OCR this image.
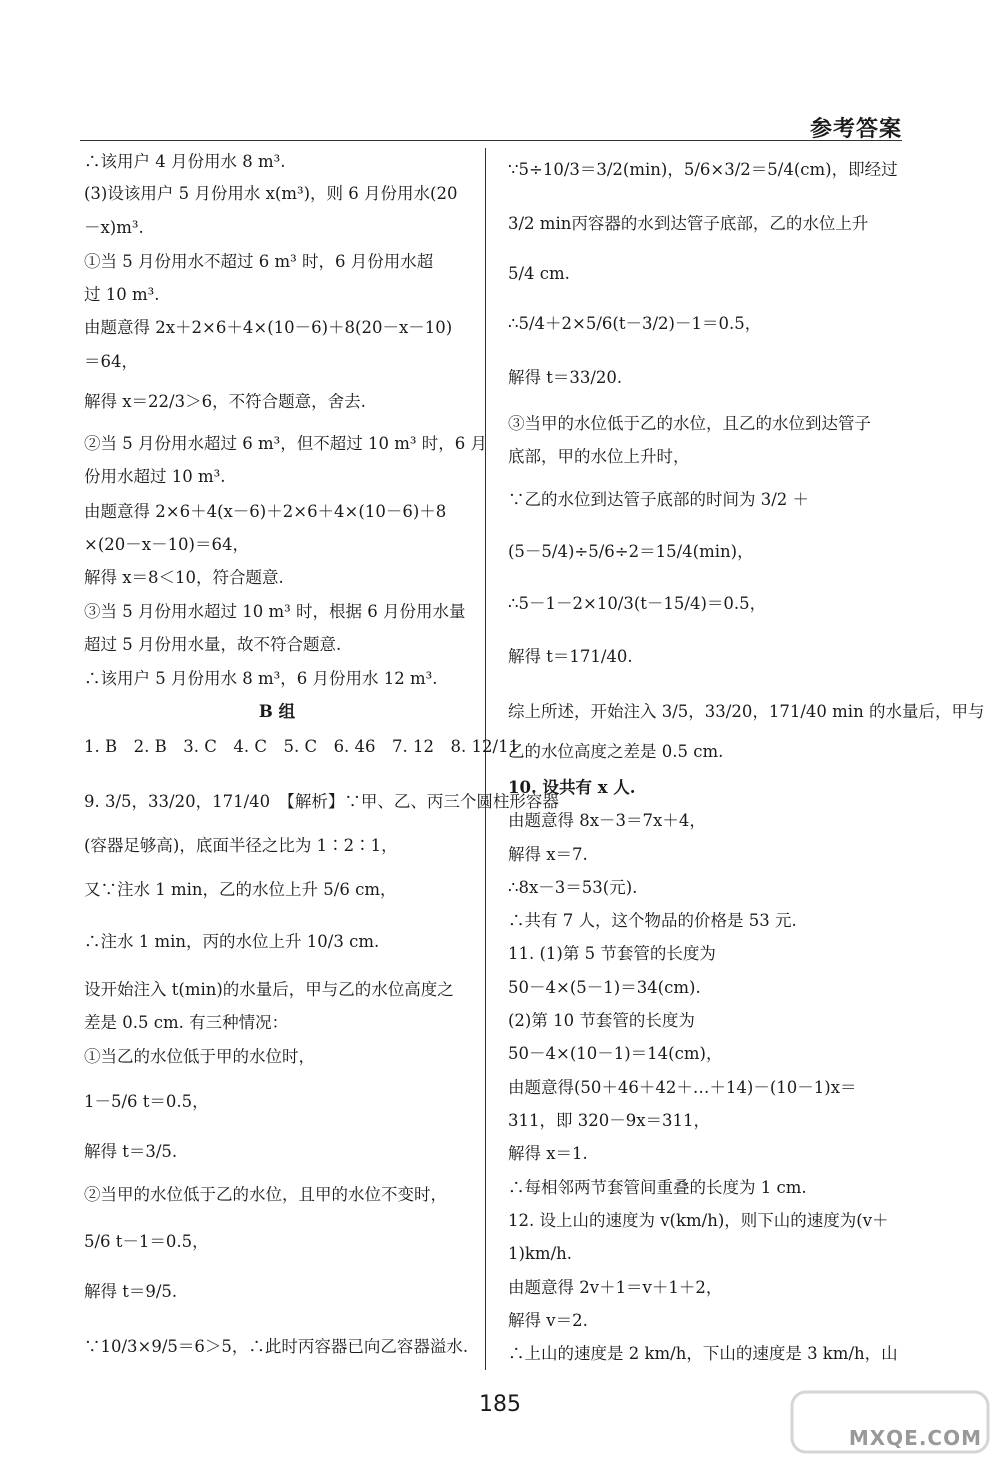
参考答案
∴该用户 4 月份用水 8 m³.
(3)设该用户 5 月份用水 x(m³)，则 6 月份用水(20
－x)m³.
①当 5 月份用水不超过 6 m³ 时，6 月份用水超
过 10 m³.
由题意得 2x＋2×6＋4×(10－6)＋8(20－x－10)
＝64，
解得 x＝22/3＞6，不符合题意，舍去.
②当 5 月份用水超过 6 m³，但不超过 10 m³ 时，6 月
份用水超过 10 m³.
由题意得 2×6＋4(x－6)＋2×6＋4×(10－6)＋8
×(20－x－10)＝64，
解得 x＝8＜10，符合题意.
③当 5 月份用水超过 10 m³ 时，根据 6 月份用水量
超过 5 月份用水量，故不符合题意.
∴该用户 5 月份用水 8 m³，6 月份用水 12 m³.
B 组
1. B　2. B　3. C　4. C　5. C　6. 46　7. 12　8. 12/11
9. 3/5，33/20，171/40　【解析】∵甲、乙、丙三个圆柱形容器
(容器足够高)，底面半径之比为 1∶2∶1，
又∵注水 1 min，乙的水位上升 5/6 cm，
∴注水 1 min，丙的水位上升 10/3 cm.
设开始注入 t(min)的水量后，甲与乙的水位高度之
差是 0.5 cm. 有三种情况：
①当乙的水位低于甲的水位时，
1－5/6 t＝0.5，
解得 t＝3/5.
②当甲的水位低于乙的水位，且甲的水位不变时，
5/6 t－1＝0.5，
解得 t＝9/5.
∵10/3×9/5＝6＞5，∴此时丙容器已向乙容器溢水.
∵5÷10/3＝3/2(min)，5/6×3/2＝5/4(cm)，即经过
3/2 min丙容器的水到达管子底部，乙的水位上升
5/4 cm.
∴5/4＋2×5/6(t－3/2)－1＝0.5，
解得 t＝33/20.
③当甲的水位低于乙的水位，且乙的水位到达管子
底部，甲的水位上升时，
∵乙的水位到达管子底部的时间为 3/2 ＋
(5－5/4)÷5/6÷2＝15/4(min)，
∴5－1－2×10/3(t－15/4)＝0.5，
解得 t＝171/40.
综上所述，开始注入 3/5，33/20，171/40 min 的水量后，甲与
乙的水位高度之差是 0.5 cm.
10. 设共有 x 人.
由题意得 8x－3＝7x＋4，
解得 x＝7.
∴8x－3＝53(元).
∴共有 7 人，这个物品的价格是 53 元.
11. (1)第 5 节套管的长度为
50－4×(5－1)＝34(cm).
(2)第 10 节套管的长度为
50－4×(10－1)＝14(cm)，
由题意得(50＋46＋42＋…＋14)－(10－1)x＝
311，即 320－9x＝311，
解得 x＝1.
∴每相邻两节套管间重叠的长度为 1 cm.
12. 设上山的速度为 v(km/h)，则下山的速度为(v＋
1)km/h.
由题意得 2v＋1＝v＋1＋2，
解得 v＝2.
∴上山的速度是 2 km/h，下山的速度是 3 km/h，山
185
MXQE.COM
